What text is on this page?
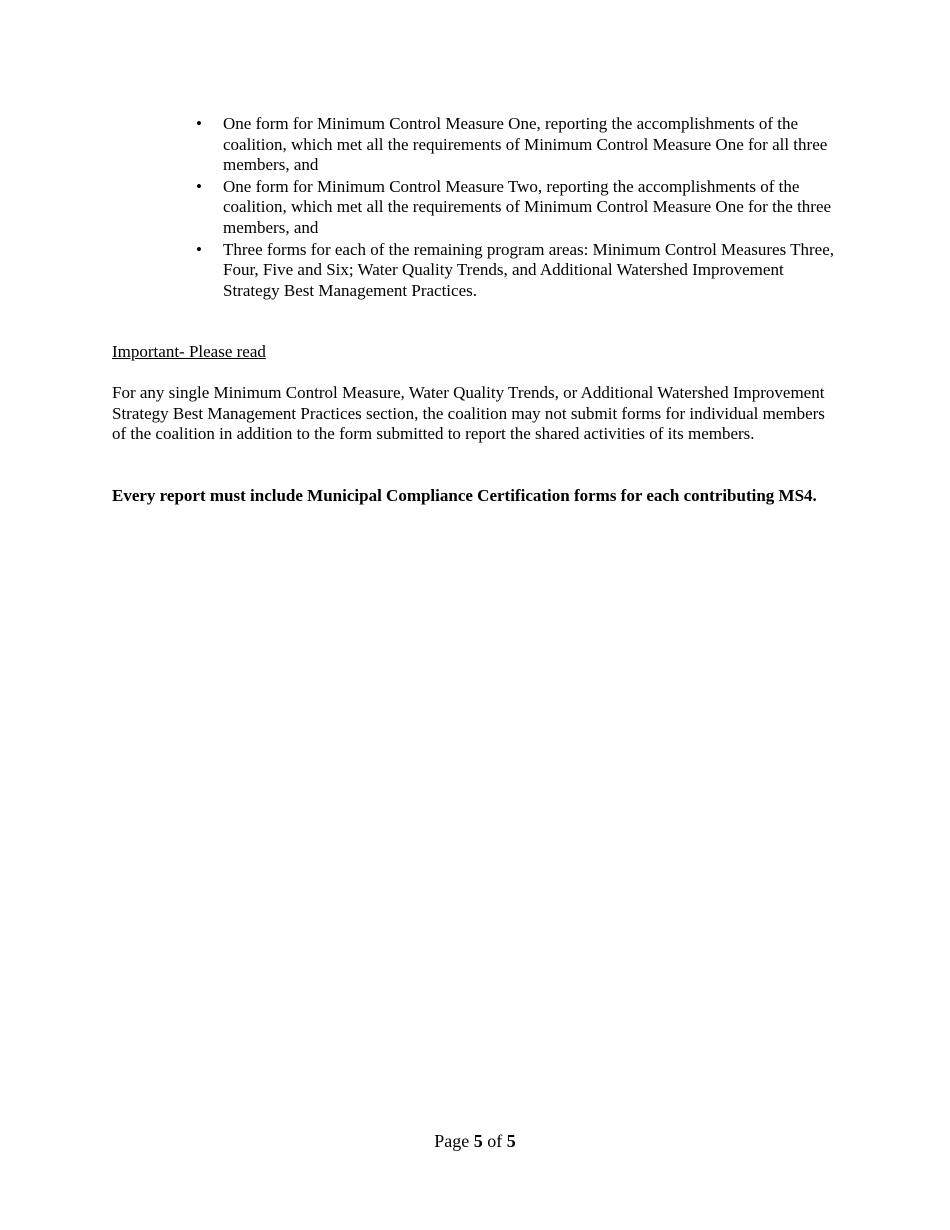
• One form for Minimum Control Measure One, reporting the accomplishments of the coalition, which met all the requirements of Minimum Control Measure One for all three members, and
• One form for Minimum Control Measure Two, reporting the accomplishments of the coalition, which met all the requirements of Minimum Control Measure One for the three members, and
• Three forms for each of the remaining program areas: Minimum Control Measures Three, Four, Five and Six; Water Quality Trends, and Additional Watershed Improvement Strategy Best Management Practices.

Important- Please read

For any single Minimum Control Measure, Water Quality Trends, or Additional Watershed Improvement Strategy Best Management Practices section, the coalition may not submit forms for individual members of the coalition in addition to the form submitted to report the shared activities of its members.

Every report must include Municipal Compliance Certification forms for each contributing MS4.

Page 5 of 5
